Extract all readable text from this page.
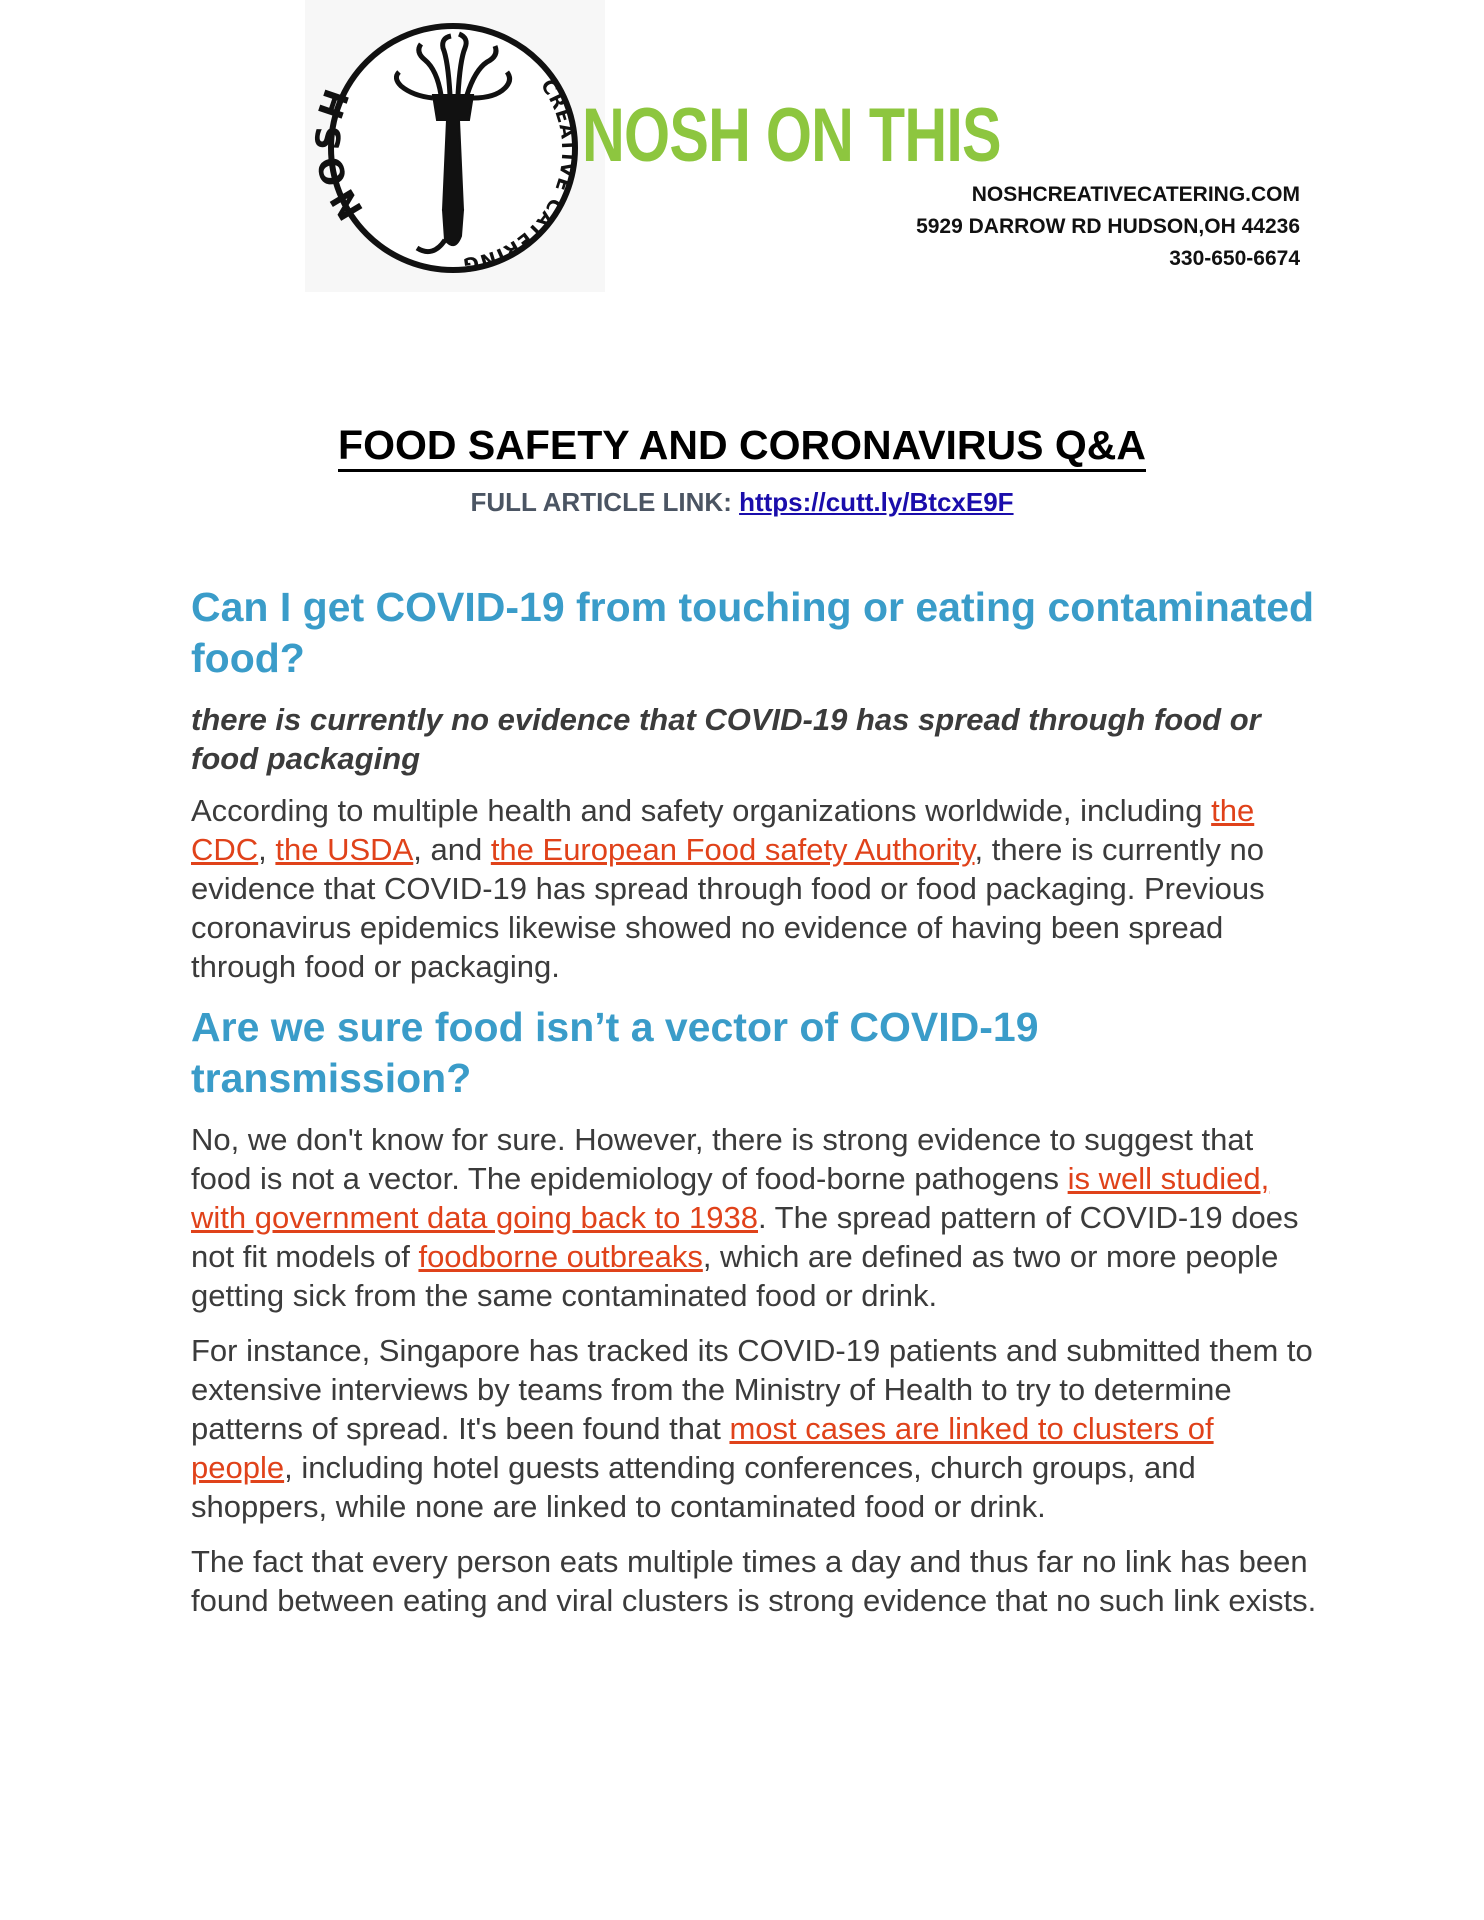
NOSH	CREATIVE CATERING
NOSH ON THIS
NOSHCREATIVECATERING.COM
5929 DARROW RD HUDSON,OH 44236
330-650-6674
FOOD SAFETY AND CORONAVIRUS Q&A
FULL ARTICLE LINK: https://cutt.ly/BtcxE9F
Can I get COVID-19 from touching or eating contaminated food?
there is currently no evidence that COVID-19 has spread through food or food packaging

According to multiple health and safety organizations worldwide, including the CDC, the USDA, and the European Food safety Authority, there is currently no evidence that COVID-19 has spread through food or food packaging. Previous coronavirus epidemics likewise showed no evidence of having been spread through food or packaging.

Are we sure food isn’t a vector of COVID-19 transmission?

No, we don't know for sure. However, there is strong evidence to suggest that food is not a vector. The epidemiology of food-borne pathogens is well studied, with government data going back to 1938. The spread pattern of COVID-19 does not fit models of foodborne outbreaks, which are defined as two or more people getting sick from the same contaminated food or drink.

For instance, Singapore has tracked its COVID-19 patients and submitted them to extensive interviews by teams from the Ministry of Health to try to determine patterns of spread. It's been found that most cases are linked to clusters of people, including hotel guests attending conferences, church groups, and shoppers, while none are linked to contaminated food or drink.

The fact that every person eats multiple times a day and thus far no link has been found between eating and viral clusters is strong evidence that no such link exists.
